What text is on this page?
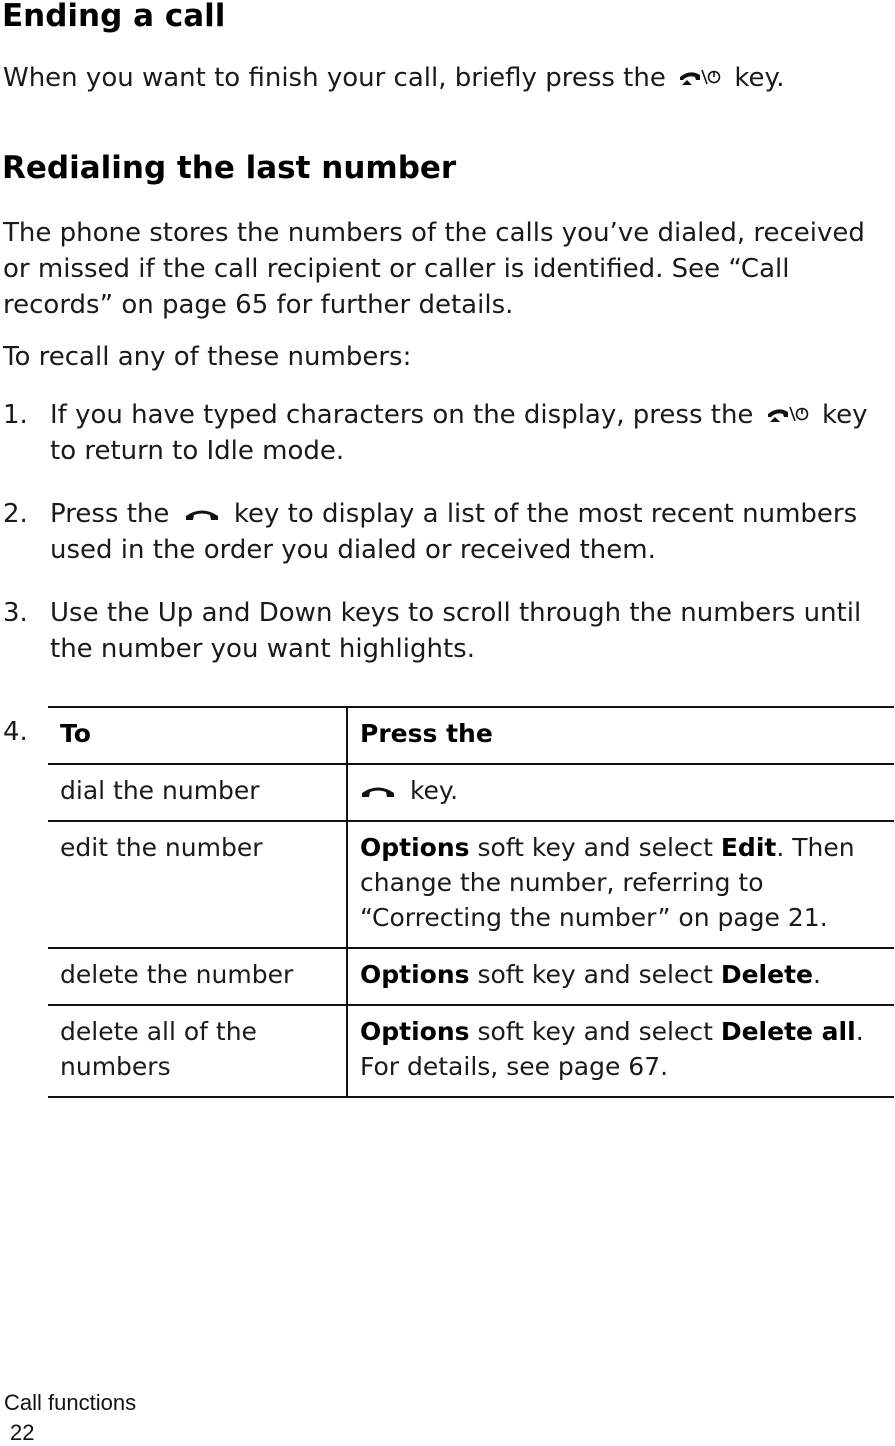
Ending a call

When you want to finish your call, briefly press the	key.

Redialing the last number

The phone stores the numbers of the calls you’ve dialed, received or missed if the call recipient or caller is identified. See “Call records” on page 65 for further details.

To recall any of these numbers:

1. If you have typed characters on the display, press the	key to return to Idle mode.
2. Press the key to display a list of the most recent numbers used in the order you dialed or received them.
3. Use the Up and Down keys to scroll through the numbers until the number you want highlights.
4. To	Press the
dial the number	key.
edit the number	Options soft key and select Edit. Then change the number, referring to “Correcting the number” on page 21.
delete the number	Options soft key and select Delete.
delete all of the numbers	Options soft key and select Delete all. For details, see page 67.
Call functions
22
